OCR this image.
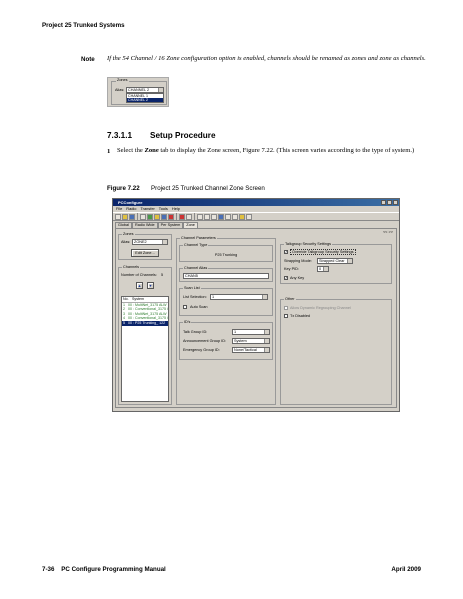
Project 25 Trunked Systems
Note If the 54 Channel / 16 Zone configuration option is enabled, channels should be renamed as zones and zone as channels.
Zones
Alias: CHANNEL 2
CHANNEL 1
CHANNEL 2
7.3.1.1 Setup Procedure
1 Select the Zone tab to display the Zone screen, Figure 7.22. (This screen varies according to the type of system.)
Figure 7.22 Project 25 Trunked Channel Zone Screen
PCConfigure
File Radio Transfer Tools Help
Global	Radio Wide	Per System	Zone
<< >>
Zones
Alias: ZONE2
Edit Zone...
Channels
Number of Channels: 5
▲	▼
No. System
1 00 : MultiNet_3175 ALW
2 00 : Conventional_3175 i
3 00 : MultiNet_3175 ALW
4 00 : Conventional_3175 i
5 00 : P25 Trunking_ 122
Channel Parameters
Channel Type
P25 Trunking
Channel Alias
CHAN5
Scan List
List Selection:	1
Auto Scan
ID's
Talk Group ID:	1
Announcement Group ID:	System
Emergency Group ID:	None/Tactical
Talkgroup Security Settings
✓	Override Talkgroup Security Settings
Strapping Mode:	Strapped Clear
Key PID:	0
✓ Any Key
Other
Allow Dynamic Regrouping Channel
Tx Disabled
7-36    PC Configure Programming Manual	April 2009
